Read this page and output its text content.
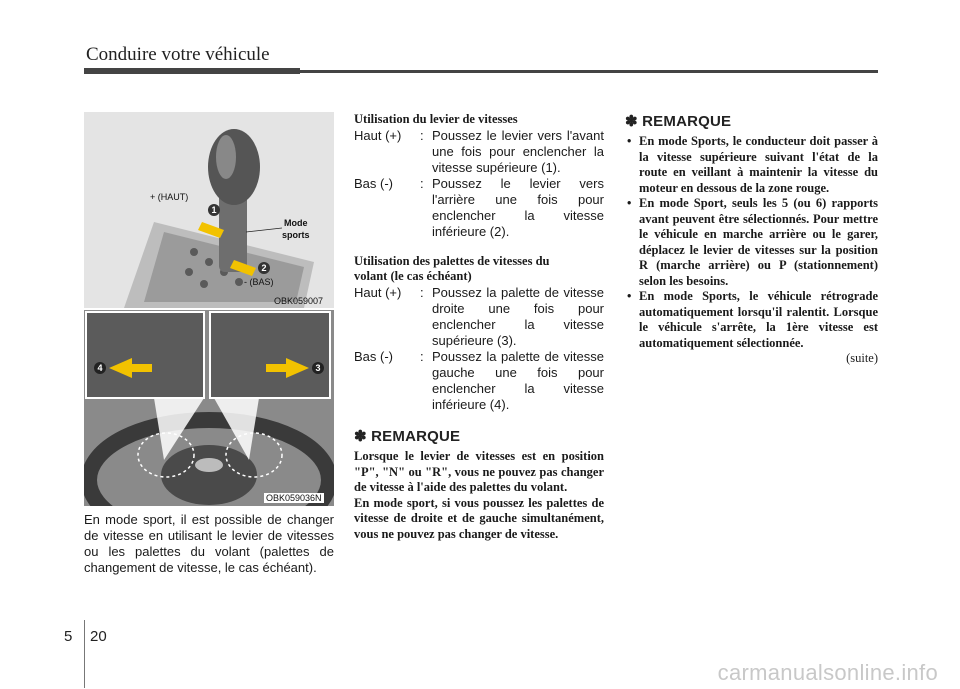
Conduire votre véhicule
+ (HAUT)
- (BAS)
Mode
sports
1
2
OBK059007
4	3
OBK059036N
En mode sport, il est possible de changer de vitesse en utilisant le levier de vitesses ou les palettes du volant (palettes de changement de vitesse, le cas échéant).
Utilisation du levier de vitesses
Haut (+)	: Poussez le levier vers l'avant une fois pour enclencher la vitesse supérieure (1).
Bas (-)	: Poussez le levier vers l'arrière une fois pour enclencher la vitesse inférieure (2).
Utilisation des palettes de vitesses du
volant (le cas échéant)
Haut (+)	: Poussez la palette de vitesse droite une fois pour enclencher la vitesse supérieure (3).
Bas (-)	: Poussez la palette de vitesse gauche une fois pour enclencher la vitesse inférieure (4).
✽ REMARQUE
Lorsque le levier de vitesses est en position "P", "N" ou "R", vous ne pouvez pas changer de vitesse à l'aide des palettes du volant.
En mode sport, si vous poussez les palettes de vitesse de droite et de gauche simultanément, vous ne pouvez pas changer de vitesse.
✽ REMARQUE
• En mode Sports, le conducteur doit passer à la vitesse supérieure suivant l'état de la route en veillant à maintenir la vitesse du moteur en dessous de la zone rouge.
• En mode Sport, seuls les 5 (ou 6) rapports avant peuvent être sélectionnés. Pour mettre le véhicule en marche arrière ou le garer, déplacez le levier de vitesses sur la position R (marche arrière) ou P (stationnement) selon les besoins.
• En mode Sports, le véhicule rétrograde automatiquement lorsqu'il ralentit. Lorsque le véhicule s'arrête, la 1ère vitesse est automatiquement sélectionnée.
(suite)
5 20
carmanualsonline.info
